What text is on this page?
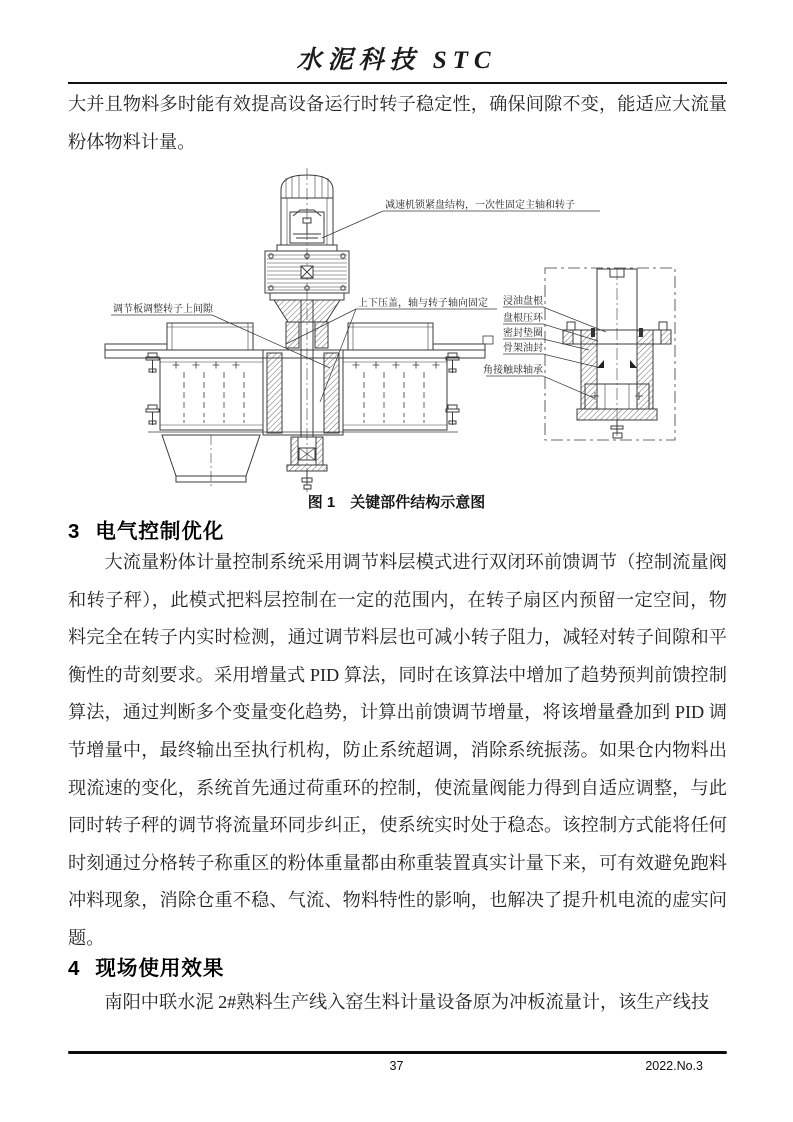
水泥科技 STC
大并且物料多时能有效提高设备运行时转子稳定性，确保间隙不变，能适应大流量粉体物料计量。
减速机锁紧盘结构，一次性固定主轴和转子
上下压盖，轴与转子轴向固定
调节板调整转子上间隙
浸油盘根
盘根压环
密封垫圈
骨架油封
角接触球轴承
图 1　关键部件结构示意图
3 电气控制优化
大流量粉体计量控制系统采用调节料层模式进行双闭环前馈调节（控制流量阀和转子秤），此模式把料层控制在一定的范围内，在转子扇区内预留一定空间，物料完全在转子内实时检测，通过调节料层也可减小转子阻力，减轻对转子间隙和平衡性的苛刻要求。采用增量式 PID 算法，同时在该算法中增加了趋势预判前馈控制算法，通过判断多个变量变化趋势，计算出前馈调节增量，将该增量叠加到 PID 调节增量中，最终输出至执行机构，防止系统超调，消除系统振荡。如果仓内物料出现流速的变化，系统首先通过荷重环的控制，使流量阀能力得到自适应调整，与此同时转子秤的调节将流量环同步纠正，使系统实时处于稳态。该控制方式能将任何时刻通过分格转子称重区的粉体重量都由称重装置真实计量下来，可有效避免跑料冲料现象，消除仓重不稳、气流、物料特性的影响，也解决了提升机电流的虚实问题。
4 现场使用效果
南阳中联水泥 2#熟料生产线入窑生料计量设备原为冲板流量计，该生产线技
37	2022.No.3
